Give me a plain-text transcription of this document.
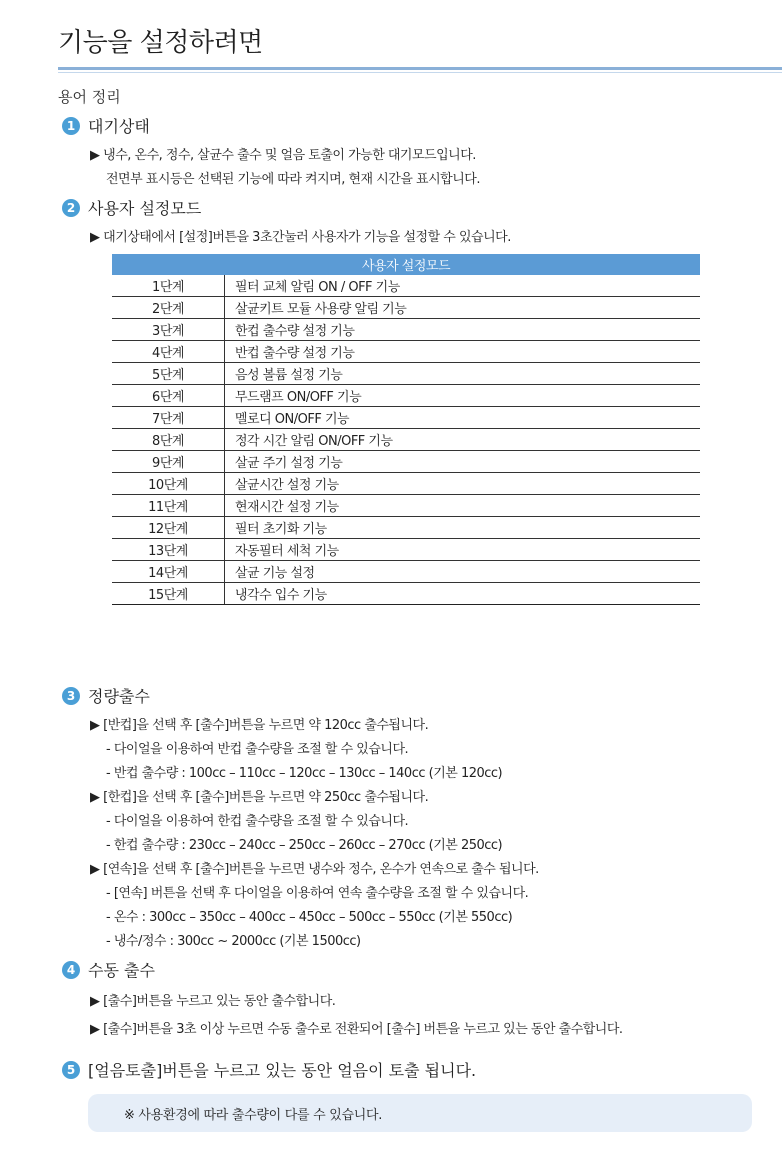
기능을 설정하려면
용어 정리
1 대기상태
▶ 냉수, 온수, 정수, 살균수 출수 및 얼음 토출이 가능한 대기모드입니다.
전면부 표시등은 선택된 기능에 따라 켜지며, 현재 시간을 표시합니다.
2 사용자 설정모드
▶ 대기상태에서 [설정]버튼을 3초간눌러 사용자가 기능을 설정할 수 있습니다.
사용자 설정모드	
1단계	필터 교체 알림 ON / OFF 기능
2단계	살균키트 모듈 사용량 알림 기능
3단계	한컵 출수량 설정 기능
4단계	반컵 출수량 설정 기능
5단계	음성 볼륨 설정 기능
6단계	무드램프 ON/OFF 기능
7단계	멜로디 ON/OFF 기능
8단계	정각 시간 알림 ON/OFF 기능
9단계	살균 주기 설정 기능
10단계	살균시간 설정 기능
11단계	현재시간 설정 기능
12단계	필터 초기화 기능
13단계	자동필터 세척 기능
14단계	살균 기능 설정
15단계	냉각수 입수 기능
3 정량출수
▶ [반컵]을 선택 후 [출수]버튼을 누르면 약 120cc 출수됩니다.
- 다이얼을 이용하여 반컵 출수량을 조절 할 수 있습니다.
- 반컵 출수량 : 100cc – 110cc – 120cc – 130cc – 140cc (기본 120cc)
▶ [한컵]을 선택 후 [출수]버튼을 누르면 약 250cc 출수됩니다.
- 다이얼을 이용하여 한컵 출수량을 조절 할 수 있습니다.
- 한컵 출수량 : 230cc – 240cc – 250cc – 260cc – 270cc (기본 250cc)
▶ [연속]을 선택 후 [출수]버튼을 누르면 냉수와 정수, 온수가 연속으로 출수 됩니다.
- [연속] 버튼을 선택 후 다이얼을 이용하여 연속 출수량을 조절 할 수 있습니다.
- 온수 : 300cc – 350cc – 400cc – 450cc – 500cc – 550cc (기본 550cc)
- 냉수/정수 : 300cc ~ 2000cc (기본 1500cc)
4 수동 출수
▶ [출수]버튼을 누르고 있는 동안 출수합니다.
▶ [출수]버튼을 3초 이상 누르면 수동 출수로 전환되어 [출수] 버튼을 누르고 있는 동안 출수합니다.
5 [얼음토출]버튼을 누르고 있는 동안 얼음이 토출 됩니다.
※ 사용환경에 따라 출수량이 다를 수 있습니다.
